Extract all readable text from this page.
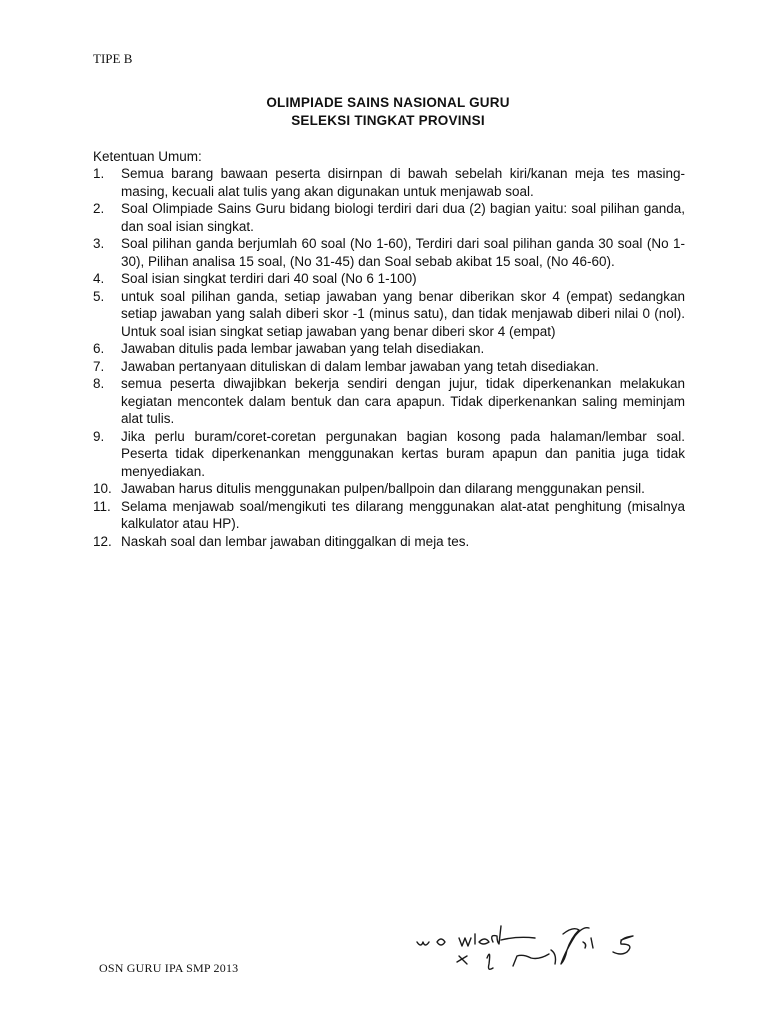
TIPE B
OLIMPIADE SAINS NASIONAL GURU
SELEKSI TINGKAT PROVINSI
Ketentuan Umum:
1. Semua barang bawaan peserta disirnpan di bawah sebelah kiri/kanan meja tes masing-masing, kecuali alat tulis yang akan digunakan untuk menjawab soal.
2. Soal Olimpiade Sains Guru bidang biologi terdiri dari dua (2) bagian yaitu: soal pilihan ganda, dan soal isian singkat.
3. Soal pilihan ganda berjumlah 60 soal (No 1-60), Terdiri dari soal pilihan ganda 30 soal (No 1-30), Pilihan analisa 15 soal, (No 31-45) dan Soal sebab akibat 15 soal, (No 46-60).
4. Soal isian singkat terdiri dari 40 soal (No 6 1-100)
5. untuk soal pilihan ganda, setiap jawaban yang benar diberikan skor 4 (empat) sedangkan setiap jawaban yang salah diberi skor -1 (minus satu), dan tidak menjawab diberi nilai 0 (nol). Untuk soal isian singkat setiap jawaban yang benar diberi skor 4 (empat)
6. Jawaban ditulis pada lembar jawaban yang telah disediakan.
7. Jawaban pertanyaan dituliskan di dalam lembar jawaban yang tetah disediakan.
8. semua peserta diwajibkan bekerja sendiri dengan jujur, tidak diperkenankan melakukan kegiatan mencontek dalam bentuk dan cara apapun. Tidak diperkenankan saling meminjam alat tulis.
9. Jika perlu buram/coret-coretan pergunakan bagian kosong pada halaman/lembar soal. Peserta tidak diperkenankan menggunakan kertas buram apapun dan panitia juga tidak menyediakan.
10. Jawaban harus ditulis menggunakan pulpen/ballpoin dan dilarang menggunakan pensil.
11. Selama menjawab soal/mengikuti tes dilarang menggunakan alat-atat penghitung (misalnya kalkulator atau HP).
12. Naskah soal dan lembar jawaban ditinggalkan di meja tes.
OSN GURU IPA SMP 2013
